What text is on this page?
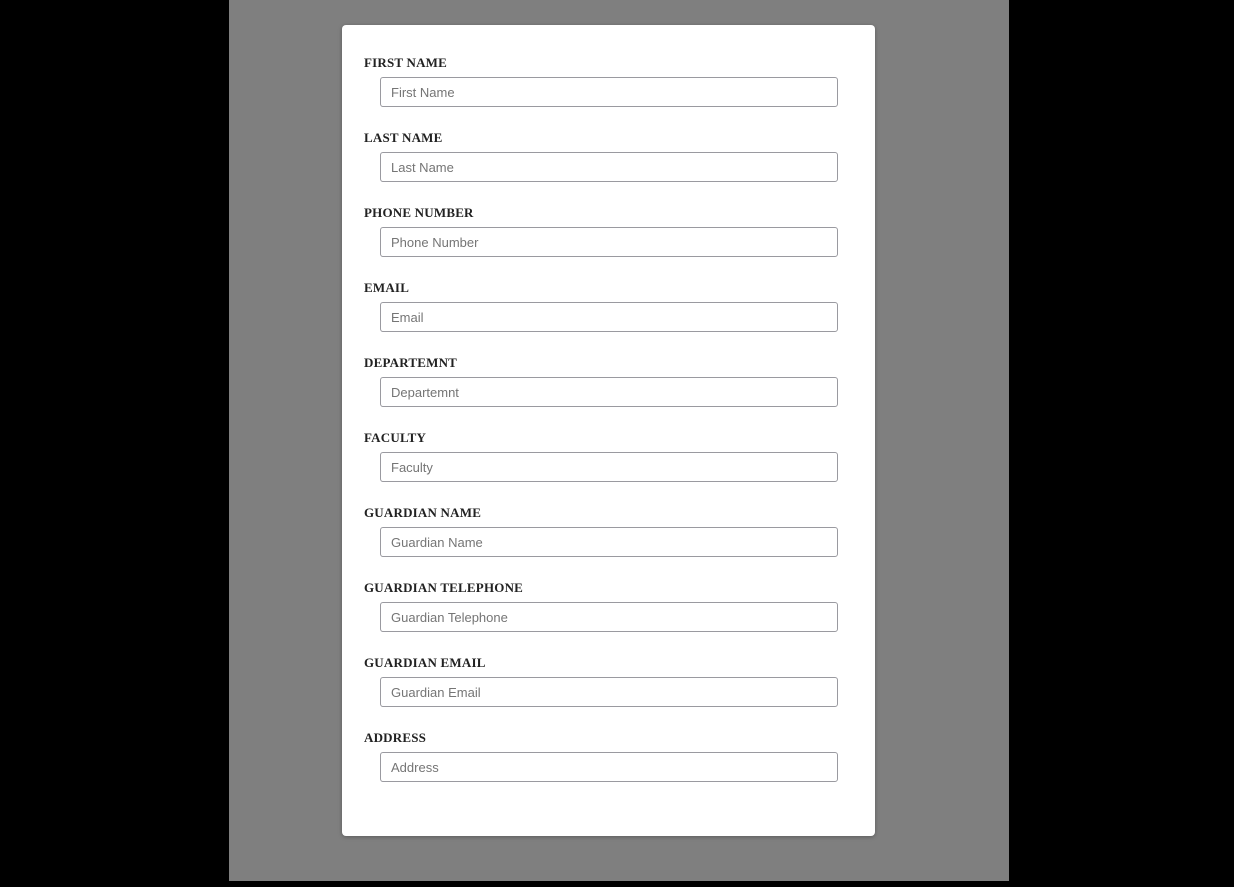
FIRST NAME
First Name
LAST NAME
Last Name
PHONE NUMBER
Phone Number
EMAIL
Email
DEPARTEMNT
Departemnt
FACULTY
Faculty
GUARDIAN NAME
Guardian Name
GUARDIAN TELEPHONE
Guardian Telephone
GUARDIAN EMAIL
Guardian Email
ADDRESS
Address
